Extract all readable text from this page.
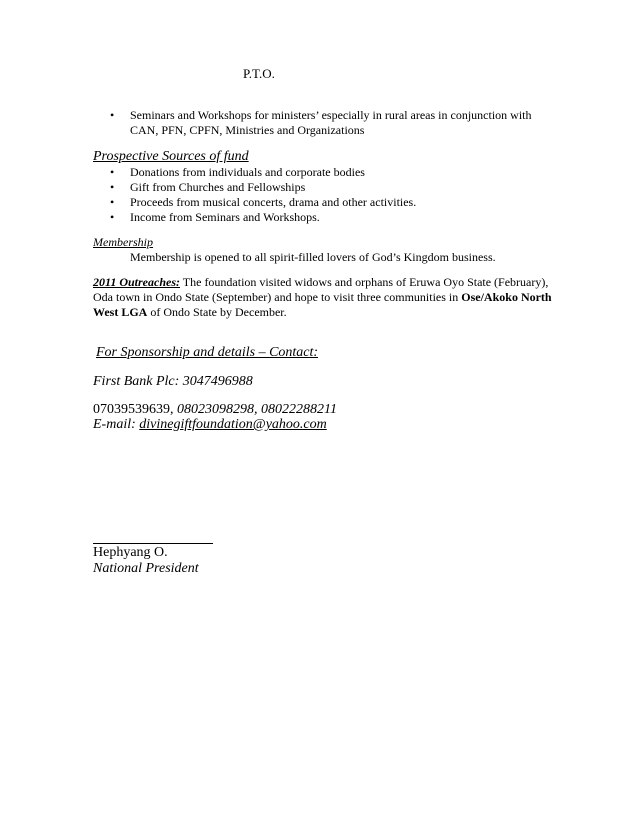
P.T.O.
• Seminars and Workshops for ministers’ especially in rural areas in conjunction with
CAN, PFN, CPFN, Ministries and Organizations
Prospective Sources of fund
• Donations from individuals and corporate bodies
• Gift from Churches and Fellowships
• Proceeds from musical concerts, drama and other activities.
• Income from Seminars and Workshops.
Membership
Membership is opened to all spirit-filled lovers of God’s Kingdom business.
2011 Outreaches: The foundation visited widows and orphans of Eruwa Oyo State (February),
Oda town in Ondo State (September) and hope to visit three communities in Ose/Akoko North
West LGA of Ondo State by December.
For Sponsorship and details – Contact:
First Bank Plc: 3047496988
07039539639, 08023098298, 08022288211
E-mail: divinegiftfoundation@yahoo.com
Hephyang O.
National President
